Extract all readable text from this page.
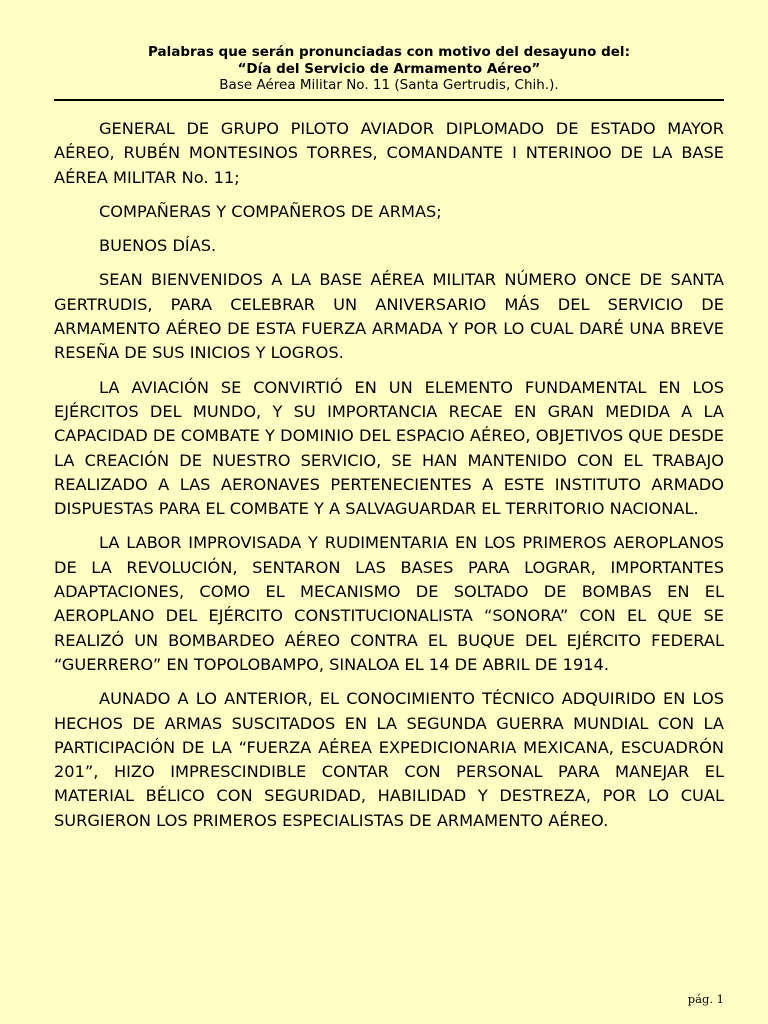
Palabras que serán pronunciadas con motivo del desayuno del:
“Día del Servicio de Armamento Aéreo”
Base Aérea Militar No. 11 (Santa Gertrudis, Chih.).

GENERAL DE GRUPO PILOTO AVIADOR DIPLOMADO DE ESTADO MAYOR AÉREO, RUBÉN MONTESINOS TORRES, COMANDANTE I NTERINOO DE LA BASE AÉREA MILITAR No. 11;

COMPAÑERAS Y COMPAÑEROS DE ARMAS;

BUENOS DÍAS.

SEAN BIENVENIDOS A LA BASE AÉREA MILITAR NÚMERO ONCE DE SANTA GERTRUDIS, PARA CELEBRAR UN ANIVERSARIO MÁS DEL SERVICIO DE ARMAMENTO AÉREO DE ESTA FUERZA ARMADA Y POR LO CUAL DARÉ UNA BREVE RESEÑA DE SUS INICIOS Y LOGROS.

LA AVIACIÓN SE CONVIRTIÓ EN UN ELEMENTO FUNDAMENTAL EN LOS EJÉRCITOS DEL MUNDO, Y SU IMPORTANCIA RECAE EN GRAN MEDIDA A LA CAPACIDAD DE COMBATE Y DOMINIO DEL ESPACIO AÉREO, OBJETIVOS QUE DESDE LA CREACIÓN DE NUESTRO SERVICIO, SE HAN MANTENIDO CON EL TRABAJO REALIZADO A LAS AERONAVES PERTENECIENTES A ESTE INSTITUTO ARMADO DISPUESTAS PARA EL COMBATE Y A SALVAGUARDAR EL TERRITORIO NACIONAL.

LA LABOR IMPROVISADA Y RUDIMENTARIA EN LOS PRIMEROS AEROPLANOS DE LA REVOLUCIÓN, SENTARON LAS BASES PARA LOGRAR, IMPORTANTES ADAPTACIONES, COMO EL MECANISMO DE SOLTADO DE BOMBAS EN EL AEROPLANO DEL EJÉRCITO CONSTITUCIONALISTA “SONORA” CON EL QUE SE REALIZÓ UN BOMBARDEO AÉREO CONTRA EL BUQUE DEL EJÉRCITO FEDERAL “GUERRERO” EN TOPOLOBAMPO, SINALOA EL 14 DE ABRIL DE 1914.

AUNADO A LO ANTERIOR, EL CONOCIMIENTO TÉCNICO ADQUIRIDO EN LOS HECHOS DE ARMAS SUSCITADOS EN LA SEGUNDA GUERRA MUNDIAL CON LA PARTICIPACIÓN DE LA “FUERZA AÉREA EXPEDICIONARIA MEXICANA, ESCUADRÓN 201”, HIZO IMPRESCINDIBLE CONTAR CON PERSONAL PARA MANEJAR EL MATERIAL BÉLICO CON SEGURIDAD, HABILIDAD Y DESTREZA, POR LO CUAL SURGIERON LOS PRIMEROS ESPECIALISTAS DE ARMAMENTO AÉREO.

pág. 1
